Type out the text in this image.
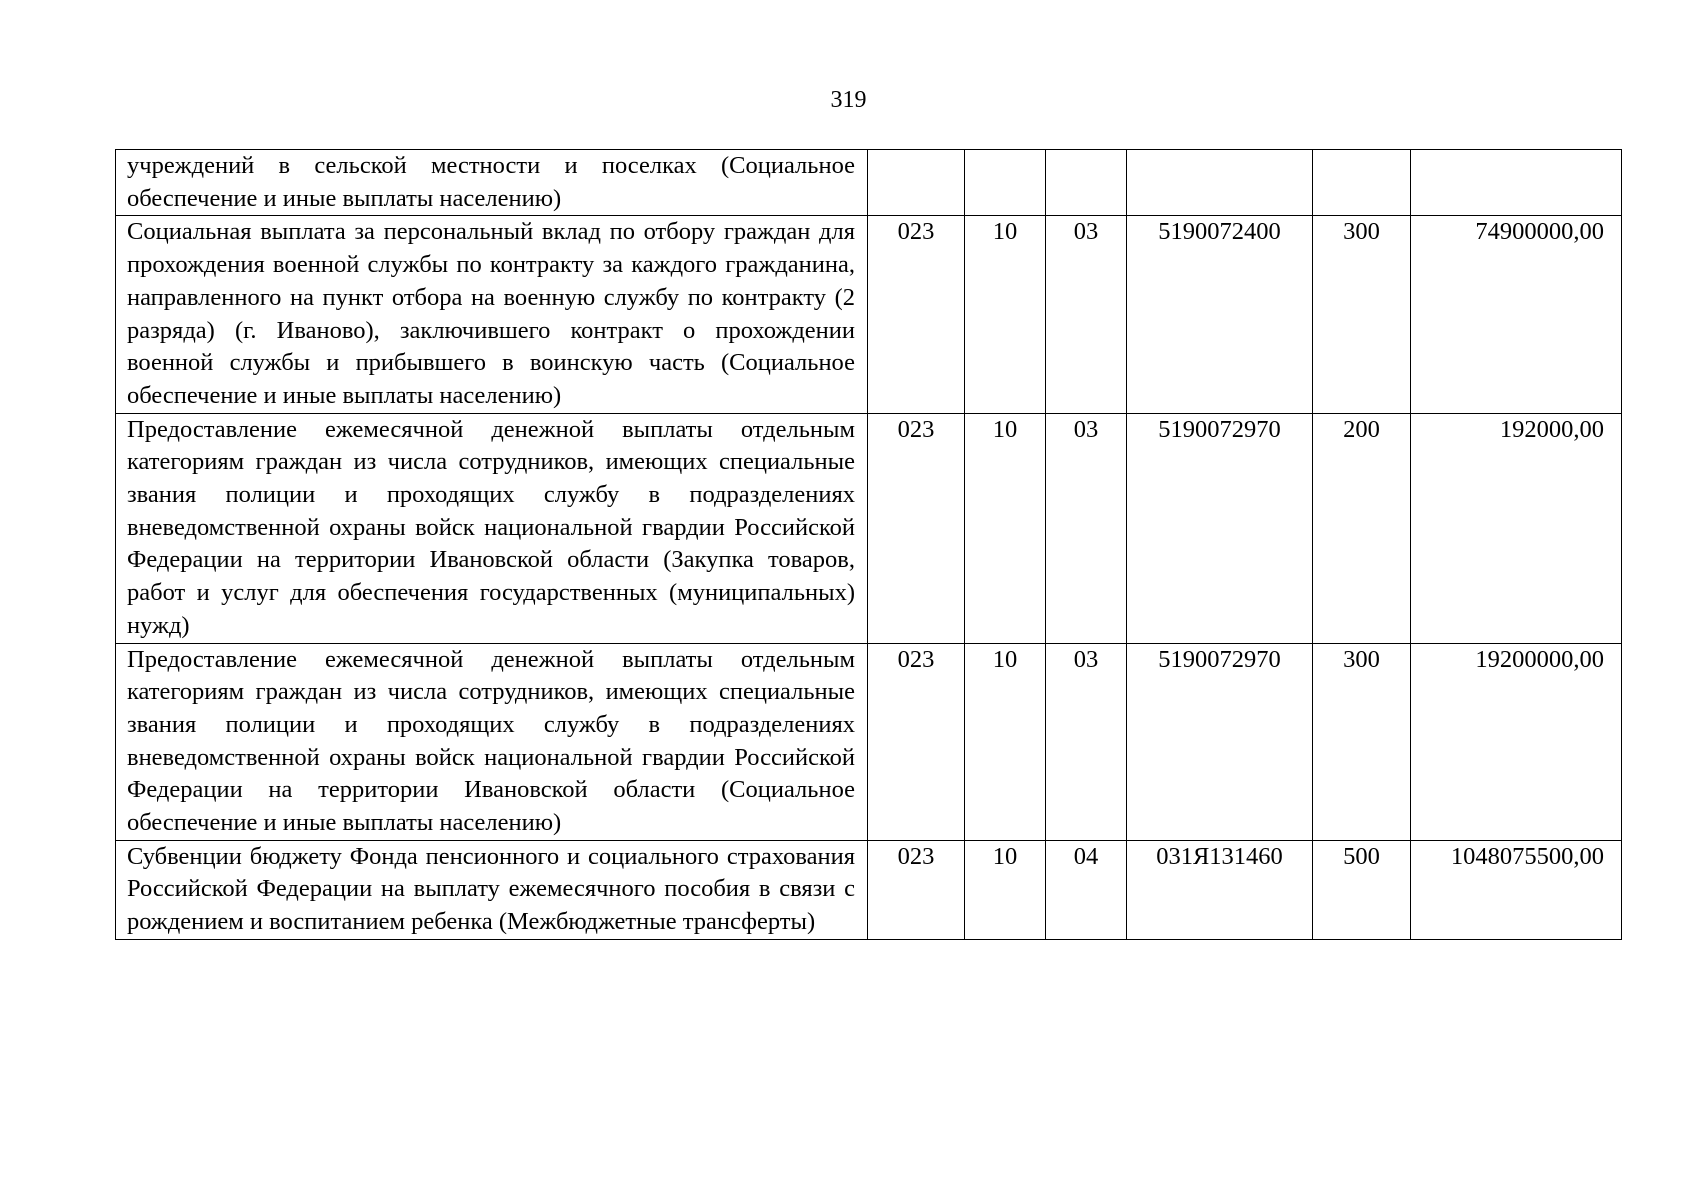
319
учреждений в сельской местности и поселках (Социальное обеспечение и иные выплаты населению)						
Социальная выплата за персональный вклад по отбору граждан для прохождения военной службы по контракту за каждого гражданина, направленного на пункт отбора на военную службу по контракту (2 разряда) (г. Иваново), заключившего контракт о прохождении военной службы и прибывшего в воинскую часть (Социальное обеспечение и иные выплаты населению)	023	10	03	5190072400	300	74900000,00
Предоставление ежемесячной денежной выплаты отдельным категориям граждан из числа сотрудников, имеющих специальные звания полиции и проходящих службу в подразделениях вневедомственной охраны войск национальной гвардии Российской Федерации на территории Ивановской области (Закупка товаров, работ и услуг для обеспечения государственных (муниципальных) нужд)	023	10	03	5190072970	200	192000,00
Предоставление ежемесячной денежной выплаты отдельным категориям граждан из числа сотрудников, имеющих специальные звания полиции и проходящих службу в подразделениях вневедомственной охраны войск национальной гвардии Российской Федерации на территории Ивановской области (Социальное обеспечение и иные выплаты населению)	023	10	03	5190072970	300	19200000,00
Субвенции бюджету Фонда пенсионного и социального страхования Российской Федерации на выплату ежемесячного пособия в связи с рождением и воспитанием ребенка (Межбюджетные трансферты)	023	10	04	031Я131460	500	1048075500,00
